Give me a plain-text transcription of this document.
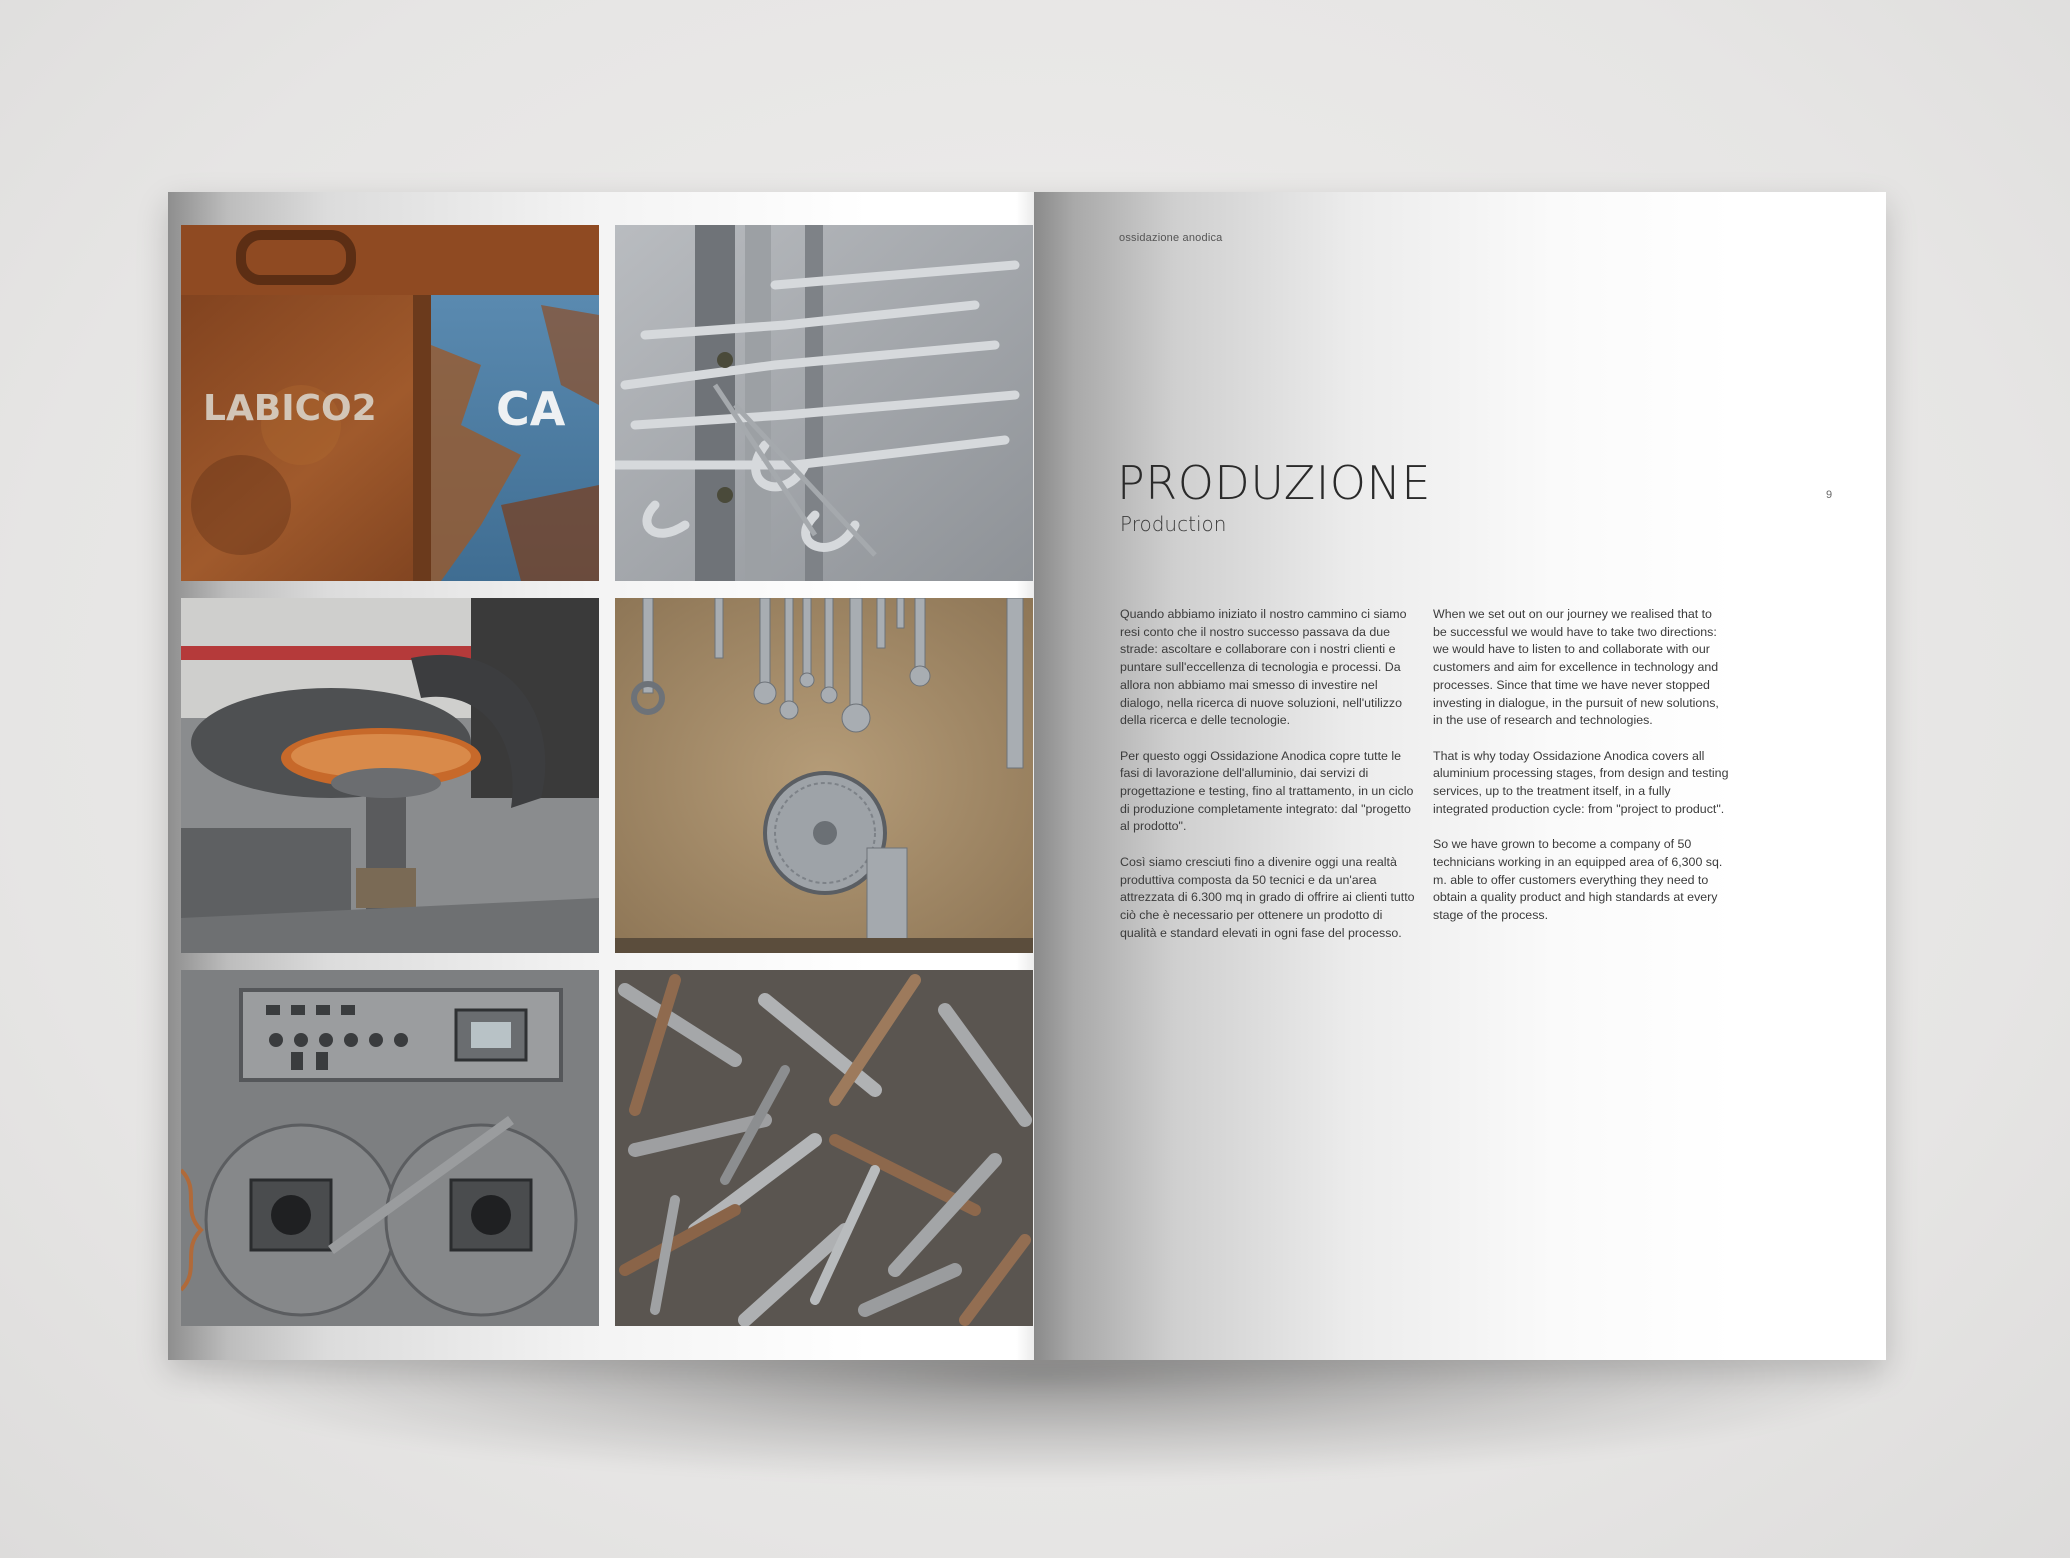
LABICO2	CA
ossidazione anodica
9
PRODUZIONE
Production

Quando abbiamo iniziato il nostro cammino ci siamo resi conto che il nostro successo passava da due strade: ascoltare e collaborare con i nostri clienti e puntare sull'eccellenza di tecnologia e processi. Da allora non abbiamo mai smesso di investire nel dialogo, nella ricerca di nuove soluzioni, nell'utilizzo della ricerca e delle tecnologie.

Per questo oggi Ossidazione Anodica copre tutte le fasi di lavorazione dell'alluminio, dai servizi di progettazione e testing, fino al trattamento, in un ciclo di produzione completamente integrato: dal "progetto al prodotto".

Così siamo cresciuti fino a divenire oggi una realtà produttiva composta da 50 tecnici e da un'area attrezzata di 6.300 mq in grado di offrire ai clienti tutto ciò che è necessario per ottenere un prodotto di qualità e standard elevati in ogni fase del processo.

When we set out on our journey we realised that to be successful we would have to take two directions: we would have to listen to and collaborate with our customers and aim for excellence in technology and processes. Since that time we have never stopped investing in dialogue, in the pursuit of new solutions, in the use of research and technologies.

That is why today Ossidazione Anodica covers all aluminium processing stages, from design and testing services, up to the treatment itself, in a fully integrated production cycle: from "project to product".

So we have grown to become a company of 50 technicians working in an equipped area of 6,300 sq. m. able to offer customers everything they need to obtain a quality product and high standards at every stage of the process.
